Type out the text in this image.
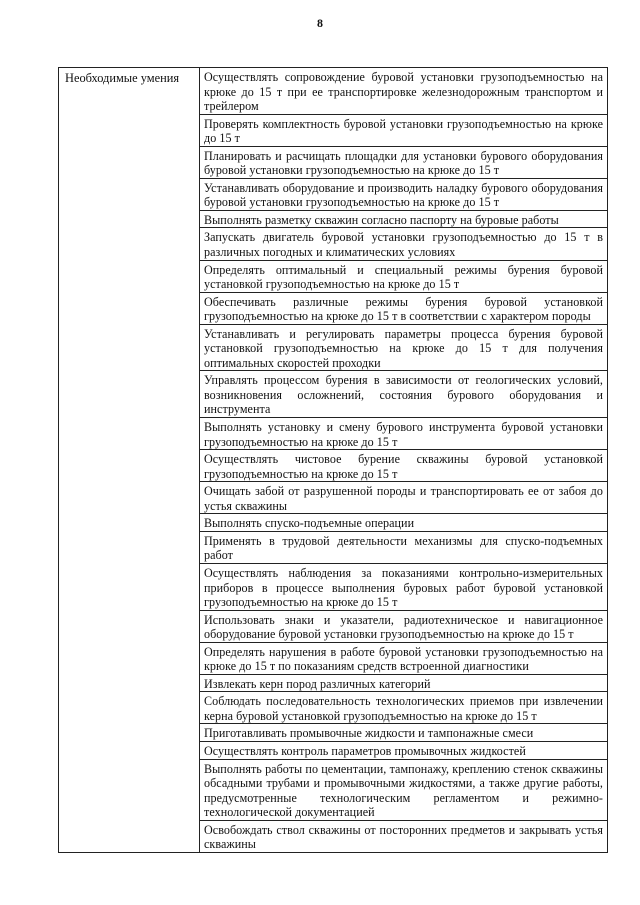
8
Необходимые умения	Осуществлять сопровождение буровой установки грузоподъемностью на крюке до 15 т при ее транспортировке железнодорожным транспортом и трейлером
Проверять комплектность буровой установки грузоподъемностью на крюке до 15 т
Планировать и расчищать площадки для установки бурового оборудования буровой установки грузоподъемностью на крюке до 15 т
Устанавливать оборудование и производить наладку бурового оборудования буровой установки грузоподъемностью на крюке до 15 т
Выполнять разметку скважин согласно паспорту на буровые работы
Запускать двигатель буровой установки грузоподъемностью до 15 т в различных погодных и климатических условиях
Определять оптимальный и специальный режимы бурения буровой установкой грузоподъемностью на крюке до 15 т
Обеспечивать различные режимы бурения буровой установкой грузоподъемностью на крюке до 15 т в соответствии с характером породы
Устанавливать и регулировать параметры процесса бурения буровой установкой грузоподъемностью на крюке до 15 т для получения оптимальных скоростей проходки
Управлять процессом бурения в зависимости от геологических условий, возникновения осложнений, состояния бурового оборудования и инструмента
Выполнять установку и смену бурового инструмента буровой установки грузоподъемностью на крюке до 15 т
Осуществлять чистовое бурение скважины буровой установкой грузоподъемностью на крюке до 15 т
Очищать забой от разрушенной породы и транспортировать ее от забоя до устья скважины
Выполнять спуско-подъемные операции
Применять в трудовой деятельности механизмы для спуско-подъемных работ
Осуществлять наблюдения за показаниями контрольно-измерительных приборов в процессе выполнения буровых работ буровой установкой грузоподъемностью на крюке до 15 т
Использовать знаки и указатели, радиотехническое и навигационное оборудование буровой установки грузоподъемностью на крюке до 15 т
Определять нарушения в работе буровой установки грузоподъемностью на крюке до 15 т по показаниям средств встроенной диагностики
Извлекать керн пород различных категорий
Соблюдать последовательность технологических приемов при извлечении керна буровой установкой грузоподъемностью на крюке до 15 т
Приготавливать промывочные жидкости и тампонажные смеси
Осуществлять контроль параметров промывочных жидкостей
Выполнять работы по цементации, тампонажу, креплению стенок скважины обсадными трубами и промывочными жидкостями, а также другие работы, предусмотренные технологическим регламентом и режимно-технологической документацией
Освобождать ствол скважины от посторонних предметов и закрывать устья скважины
